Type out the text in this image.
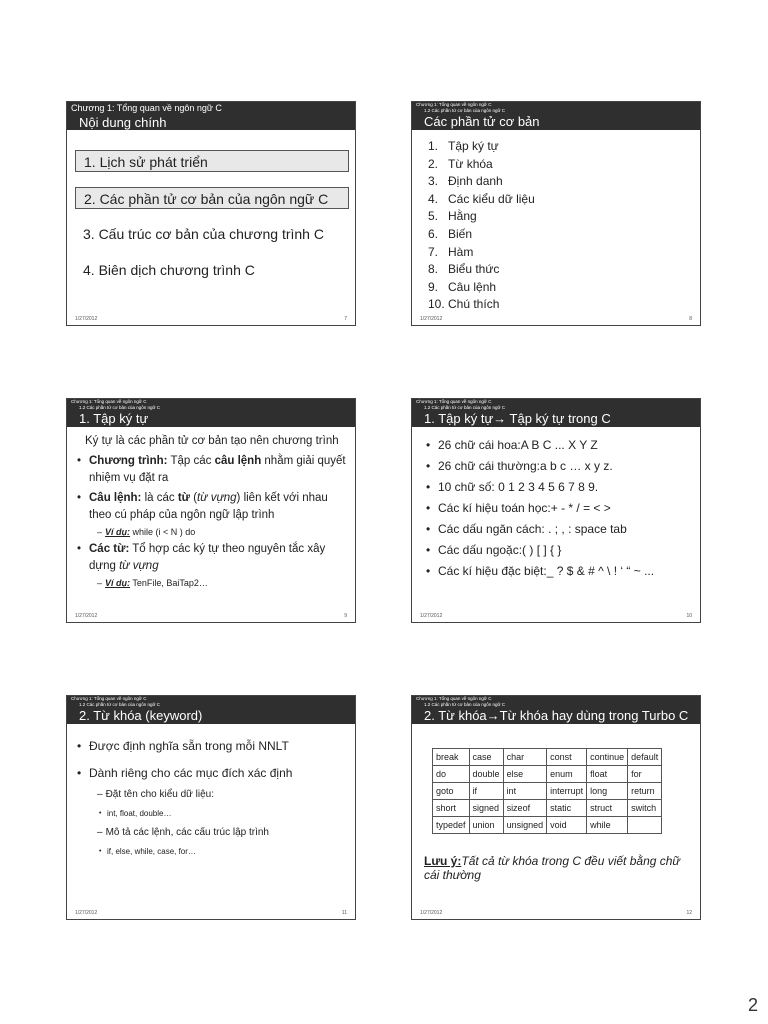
Chương 1: Tổng quan về ngôn ngữ C
Nội dung chính
1. Lịch sử phát triển
2. Các phần tử cơ bản của ngôn ngữ C
3. Cấu trúc cơ bản của chương trình C
4. Biên dịch chương trình C
1/27/2012	7
Chương 1: Tổng quan về ngôn ngữ C
1.2 Các phần tử cơ bản của ngôn ngữ C
Các phần tử cơ bản
1. Tập ký tự
2. Từ khóa
3. Định danh
4. Các kiểu dữ liệu
5. Hằng
6. Biến
7. Hàm
8. Biểu thức
9. Câu lệnh
10. Chú thích
1/27/2012	8
Chương 1: Tổng quan về ngôn ngữ C
1.2 Các phần tử cơ bản của ngôn ngữ C
1. Tập ký tự
Ký tự là các phần tử cơ bản tạo nên chương trình
• Chương trình: Tập các câu lệnh nhằm giải quyết nhiệm vụ đặt ra
• Câu lệnh: là các từ (từ vựng) liên kết với nhau theo cú pháp của ngôn ngữ lập trình
– Ví dụ: while (i < N ) do
• Các từ: Tổ hợp các ký tự theo nguyên tắc xây dựng từ vựng
– Ví dụ: TenFile, BaiTap2…
1/27/2012	9
Chương 1: Tổng quan về ngôn ngữ C
1.2 Các phần tử cơ bản của ngôn ngữ C
1. Tập ký tự→ Tập ký tự trong C
• 26 chữ cái hoa:A B C ... X Y Z
• 26 chữ cái thường:a b c … x y z.
• 10 chữ số: 0 1 2 3 4 5 6 7 8 9.
• Các kí hiệu toán học:+ - * / = < >
• Các dấu ngăn cách: . ; , : space tab
• Các dấu ngoặc:( ) [ ] { }
• Các kí hiệu đặc biệt:_ ? $ & # ^ \ ! ‘ “ ~ ...
1/27/2012	10
Chương 1: Tổng quan về ngôn ngữ C
1.2 Các phần tử cơ bản của ngôn ngữ C
2. Từ khóa (keyword)
• Được định nghĩa sẵn trong mỗi NNLT
• Dành riêng cho các mục đích xác định
– Đặt tên cho kiểu dữ liệu:
• int, float, double…
– Mô tả các lệnh, các cấu trúc lập trình
• if, else, while, case, for…
1/27/2012	11
Chương 1: Tổng quan về ngôn ngữ C
1.2 Các phần tử cơ bản của ngôn ngữ C
2. Từ khóa→Từ khóa hay dùng trong Turbo C
break	case	char	const	continue	default
do	double	else	enum	float	for
goto	if	int	interrupt	long	return
short	signed	sizeof	static	struct	switch
typedef	union	unsigned	void	while	
Lưu ý:Tất cả từ khóa trong C đều viết bằng chữ cái thường
1/27/2012	12
2
